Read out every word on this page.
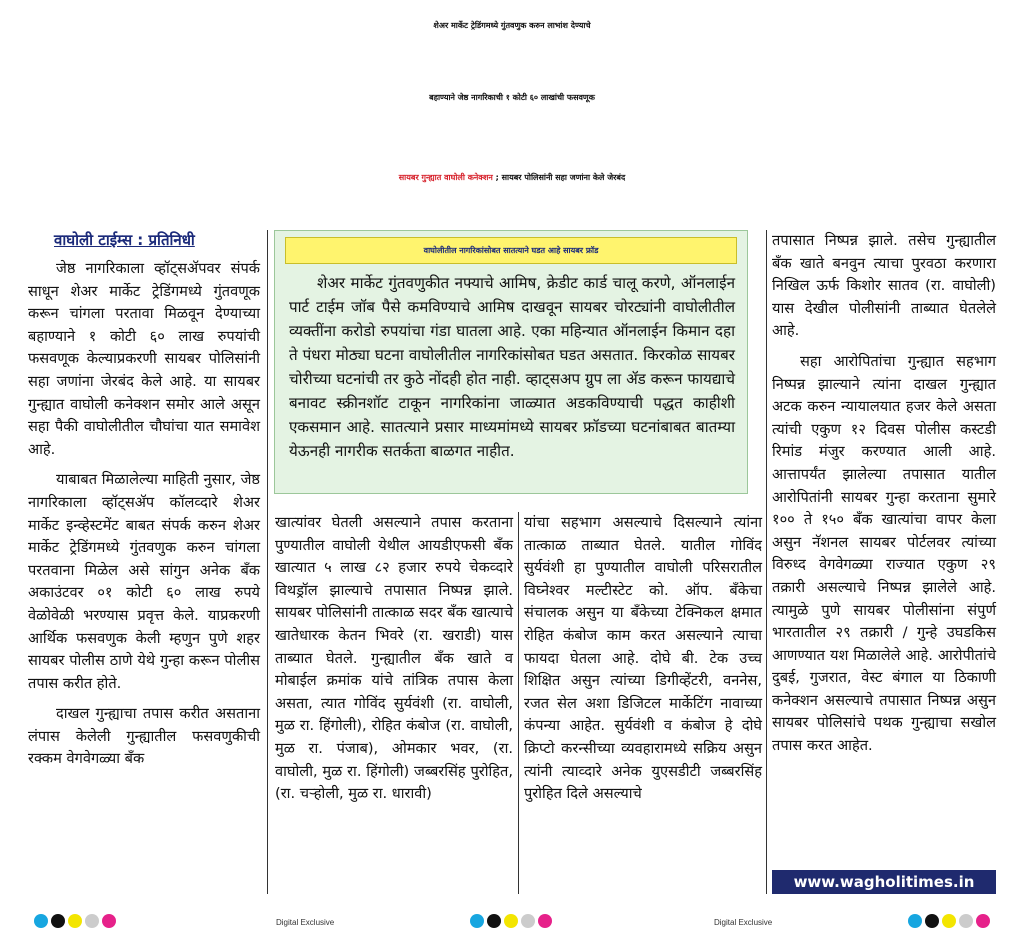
शेअर मार्केट ट्रेडिंगमध्ये गुंतवणुक करुन लाभांश देण्याचे
बहाण्याने जेष्ठ नागरिकाची १ कोटी ६० लाखांची फसवणूक
सायबर गुन्ह्यात वाघोली कनेक्शन ; सायबर पोलिसांनी सहा जणांना केले जेरबंद
वाघोली टाईम्स : प्रतिनिधी

जेष्ठ नागरिकाला व्हॉट्सॲपवर संपर्क साधून शेअर मार्केट ट्रेडिंगमध्ये गुंतवणूक करून चांगला परतावा मिळवून देण्याच्या बहाण्याने १ कोटी ६० लाख रुपयांची फसवणूक केल्याप्रकरणी सायबर पोलिसांनी सहा जणांना जेरबंद केले आहे. या सायबर गुन्ह्यात वाघोली कनेक्शन समोर आले असून सहा पैकी वाघोलीतील चौघांचा यात समावेश आहे.

याबाबत मिळालेल्या माहिती नुसार, जेष्ठ नागरिकाला व्हॉट्सॲप कॉलव्दारे शेअर मार्केट इन्व्हेस्टमेंट बाबत संपर्क करुन शेअर मार्केट ट्रेडिंगमध्ये गुंतवणुक करुन चांगला परतवाना मिळेल असे सांगुन अनेक बँक अकाउंटवर ०१ कोटी ६० लाख रुपये वेळोवेळी भरण्यास प्रवृत्त केले. याप्रकरणी आर्थिक फसवणुक केली म्हणुन पुणे शहर सायबर पोलीस ठाणे येथे गुन्हा करून पोलीस तपास करीत होते.

दाखल गुन्ह्याचा तपास करीत असताना लंपास केलेली गुन्ह्यातील फसवणुकीची रक्कम वेगवेगळ्या बँक

वाघोलीतील नागरिकांसोबत सातत्याने घडत आहे सायबर फ्रॉड
शेअर मार्केट गुंतवणुकीत नफ्याचे आमिष, क्रेडीट कार्ड चालू करणे, ऑनलाईन पार्ट टाईम जॉब पैसे कमविण्याचे आमिष दाखवून सायबर चोरट्यांनी वाघोलीतील व्यक्तींना करोडो रुपयांचा गंडा घातला आहे. एका महिन्यात ऑनलाईन किमान दहा ते पंधरा मोठ्या घटना वाघोलीतील नागरिकांसोबत घडत असतात. किरकोळ सायबर चोरीच्या घटनांची तर कुठे नोंदही होत नाही. व्हाट्सअप ग्रुप ला ॲड करून फायद्याचे बनावट स्क्रीनशॉट टाकून नागरिकांना जाळ्यात अडकविण्याची पद्धत काहीशी एकसमान आहे. सातत्याने प्रसार माध्यमांमध्ये सायबर फ्रॉडच्या घटनांबाबत बातम्या येऊनही नागरीक सतर्कता बाळगत नाहीत.

खात्यांवर घेतली असल्याने तपास करताना पुण्यातील वाघोली येथील आयडीएफसी बँक खात्यात ५ लाख ८२ हजार रुपये चेकव्दारे विथड्रॉल झाल्याचे तपासात निष्पन्न झाले. सायबर पोलिसांनी तात्काळ सदर बँक खात्याचे खातेधारक केतन भिवरे (रा. खराडी) यास ताब्यात घेतले. गुन्ह्यातील बँक खाते व मोबाईल क्रमांक यांचे तांत्रिक तपास केला असता, त्यात गोविंद सुर्यवंशी (रा. वाघोली, मुळ रा. हिंगोली), रोहित कंबोज (रा. वाघोली, मुळ रा. पंजाब), ओमकार भवर, (रा. वाघोली, मुळ रा. हिंगोली) जब्बरसिंह पुरोहित, (रा. चऱ्होली, मुळ रा. धारावी)

यांचा सहभाग असल्याचे दिसल्याने त्यांना तात्काळ ताब्यात घेतले. यातील गोविंद सुर्यवंशी हा पुण्यातील वाघोली परिसरातील विघ्नेश्वर मल्टीस्टेट को. ऑप. बँकेचा संचालक असुन या बँकेच्या टेक्निकल क्षमात रोहित कंबोज काम करत असल्याने त्याचा फायदा घेतला आहे. दोघे बी. टेक उच्च शिक्षित असुन त्यांच्या डिगीव्हेंटरी, वननेस, रजत सेल अशा डिजिटल मार्केटिंग नावाच्या कंपन्या आहेत. सुर्यवंशी व कंबोज हे दोघे क्रिप्टो करन्सीच्या व्यवहारामध्ये सक्रिय असुन त्यांनी त्याव्दारे अनेक युएसडीटी जब्बरसिंह पुरोहित दिले असल्याचे

तपासात निष्पन्न झाले. तसेच गुन्ह्यातील बँक खाते बनवुन त्याचा पुरवठा करणारा निखिल ऊर्फ किशोर सातव (रा. वाघोली) यास देखील पोलीसांनी ताब्यात घेतलेले आहे.

सहा आरोपितांचा गुन्ह्यात सहभाग निष्पन्न झाल्याने त्यांना दाखल गुन्ह्यात अटक करुन न्यायालयात हजर केले असता त्यांची एकुण १२ दिवस पोलीस कस्टडी रिमांड मंजुर करण्यात आली आहे. आत्तापर्यंत झालेल्या तपासात यातील आरोपितांनी सायबर गुन्हा करताना सुमारे १०० ते १५० बँक खात्यांचा वापर केला असुन नॅशनल सायबर पोर्टलवर त्यांच्या विरुध्द वेगवेगळ्या राज्यात एकुण २९ तक्रारी असल्याचे निष्पन्न झालेले आहे. त्यामुळे पुणे सायबर पोलीसांना संपुर्ण भारतातील २९ तक्रारी / गुन्हे उघडकिस आणण्यात यश मिळालेले आहे. आरोपीतांचे दुबई, गुजरात, वेस्ट बंगाल या ठिकाणी कनेक्शन असल्याचे तपासात निष्पन्न असुन सायबर पोलिसांचे पथक गुन्ह्याचा सखोल तपास करत आहेत.

www.wagholitimes.in
Digital Exclusive	Digital Exclusive
